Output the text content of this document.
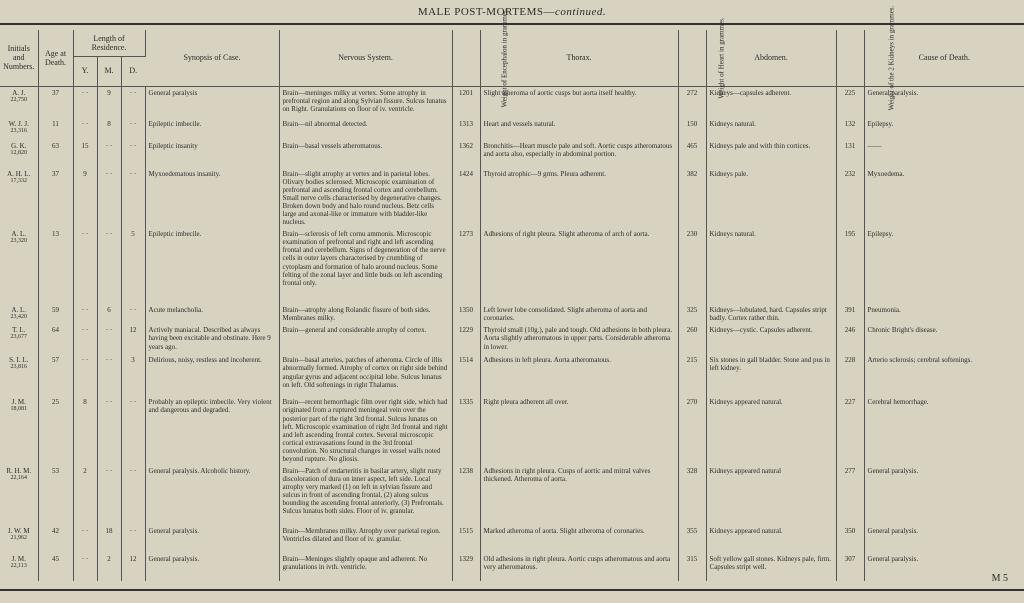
MALE POST-MORTEMS—continued.
Initials and Numbers.	Age at Death.	Length of Residence.			Synopsis of Case.	Nervous System.	Weight of Encephalon in grammes.	Thorax.	Weight of Heart in grammes.	Abdomen.	Weight of the 2 Kidneys in grammes.	Cause of Death.
		Y.	M.	D.								

A. J.
22,750	37	· ·	9	· ·	General paralysis	Brain—meninges milky at vertex. Some atrophy in prefrontal region and along Sylvian fissure. Sulcus lunatus on Right. Granulations on floor of iv. ventricle.	1201	Slight atheroma of aortic cusps but aorta itself healthy.	272	Kidneys—capsules adherent.	225	General paralysis.

W. J. J.
23,316	11	· ·	8	· ·	Epileptic imbecile.	Brain—nil abnormal detected.	1313	Heart and vessels natural.	150	Kidneys natural.	132	Epilepsy.

G. K.
12,820	63	15	· ·	· ·	Epileptic insanity	Brain—basal vessels atheromatous.	1362	Bronchitis—Heart muscle pale and soft. Aortic cusps atheromatous and aorta also, especially in abdominal portion.	465	Kidneys pale and with thin cortices.	131	——

A. H. L.
17,332	37	9	· ·	· ·	Myxoedematous insanity.	Brain—slight atrophy at vertex and in parietal lobes. Olivary bodies sclerosed. Microscopic examination of prefrontal and ascending frontal cortex and cerebellum. Small nerve cells characterised by degenerative changes. Broken down body and halo round nucleus. Betz cells large and axonal-like or immature with bladder-like nucleus.	1424	Thyroid atrophic—9 grms. Pleura adherent.	382	Kidneys pale.	232	Myxoedema.

A. L.
23,320	13	· ·	· ·	5	Epileptic imbecile.	Brain—sclerosis of left cornu ammonis. Microscopic examination of prefrontal and right and left ascending frontal and cerebellum. Signs of degeneration of the nerve cells in outer layers characterised by crumbling of cytoplasm and formation of halo around nucleus. Some felting of the zonal layer and little buds on left ascending frontal only.	1273	Adhesions of right pleura. Slight atheroma of arch of aorta.	230	Kidneys natural.	195	Epilepsy.

A. L.
23,420	59	· ·	6	· ·	Acute melancholia.	Brain—atrophy along Rolandic fissure of both sides. Membranes milky.	1350	Left lower lobe consolidated. Slight atheroma of aorta and coronaries.	325	Kidneys—lobulated, hard. Capsules stript badly. Cortex rather thin.	391	Pneumonia.

T. L.
23,677	64	· ·	· ·	12	Actively maniacal. Described as always having been excitable and obstinate. Here 9 years ago.	Brain—general and considerable atrophy of cortex.	1229	Thyroid small (10g.), pale and tough. Old adhesions in both pleura. Aorta slightly atheromatous in upper parts. Considerable atheroma in lower.	260	Kidneys—cystic. Capsules adherent.	246	Chronic Bright's disease.

S. I. L.
23,816	57	· ·	· ·	3	Delirious, noisy, restless and incoherent.	Brain—basal arteries, patches of atheroma. Circle of illis abnormally formed. Atrophy of cortex on right side behind angular gyrus and adjacent occipital lobe. Sulcus lunatus on left. Old softenings in right Thalamus.	1514	Adhesions in left pleura. Aorta atheromatous.	215	Six stones in gall bladder. Stone and pus in left kidney.	228	Arterio sclerosis; cerebral softenings.

J. M.
18,081	25	8	· ·	· ·	Probably an epileptic imbecile. Very violent and dangerous and degraded.	Brain—recent hemorrhagic film over right side, which had originated from a ruptured meningeal vein over the posterior part of the right 3rd frontal. Sulcus lunatus on left. Microscopic examination of right 3rd frontal and right and left ascending frontal cortex. Several microscopic cortical extravasations found in the 3rd frontal convolution. No structural changes in vessel walls noted beyond rupture. No gliosis.	1335	Right pleura adherent all over.	270	Kidneys appeared natural.	227	Cerebral hemorrhage.

R. H. M.
22,164	53	2	· ·	· ·	General paralysis. Alcoholic history.	Brain—Patch of endarteritis in basilar artery, slight rusty discoloration of dura on inner aspect, left side. Local atrophy very marked (1) on left in sylvian fissure and sulcus in front of ascending frontal, (2) along sulcus bounding the ascending frontal anteriorly, (3) Prefrontals. Sulcus lunatus both sides. Floor of iv. granular.	1238	Adhesions in right pleura. Cusps of aortic and mitral valves thickened. Atheroma of aorta.	328	Kidneys appeared natural	277	General paralysis.

J. W. M
21,962	42	· ·	18	· ·	General paralysis.	Brain—Membranes milky. Atrophy over parietal region. Ventricles dilated and floor of iv. granular.	1515	Marked atheroma of aorta. Slight atheroma of coronaries.	355	Kidneys appeared natural.	350	General paralysis.

J. M.
22,113	45	· ·	2	12	General paralysis.	Brain—Meninges slightly opaque and adherent. No granulations in ivth. ventricle.	1329	Old adhesions in right pleura. Aortic cusps atheromatous and aorta very atheromatous.	315	Soft yellow gall stones. Kidneys pale, firm. Capsules stript well.	307	General paralysis.
M 5
